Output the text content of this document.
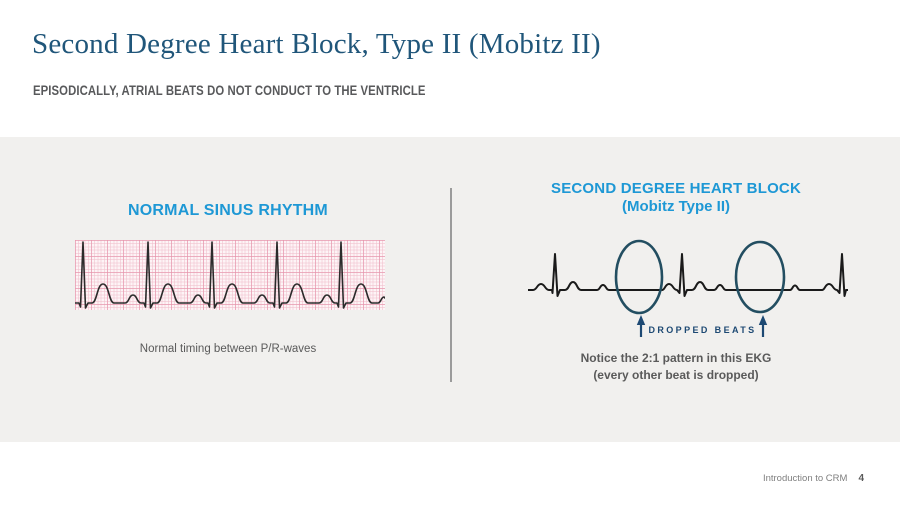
Second Degree Heart Block, Type II (Mobitz II)
EPISODICALLY, ATRIAL BEATS DO NOT CONDUCT TO THE VENTRICLE
NORMAL SINUS RHYTHM
Normal timing between P/R-waves
SECOND DEGREE HEART BLOCK
(Mobitz Type II)
DROPPED BEATS
Notice the 2:1 pattern in this EKG
(every other beat is dropped)
Introduction to CRM 4
